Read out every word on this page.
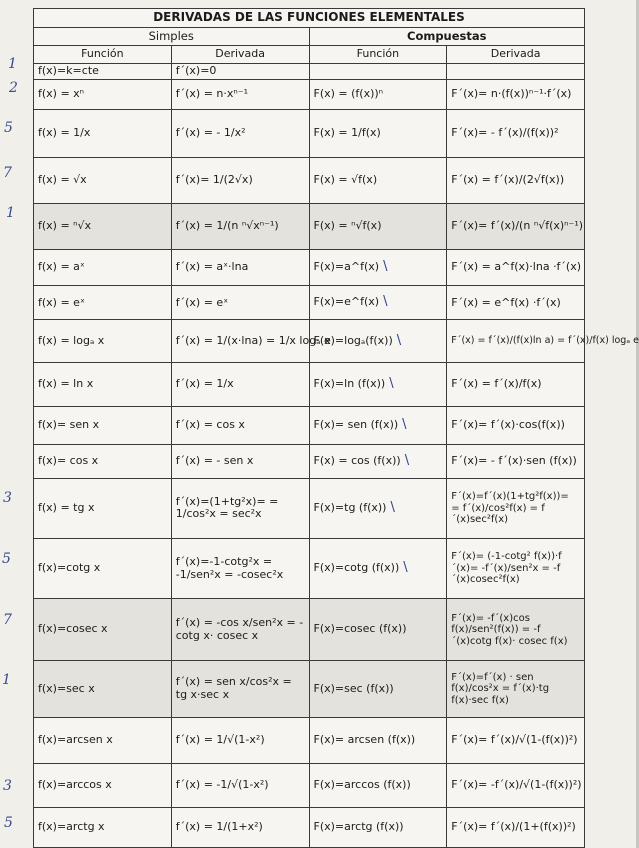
1
2
5
7
1
3
5
7
1
3
5
DERIVADAS DE LAS FUNCIONES ELEMENTALES			
Simples		Compuestas	
Función	Derivada	Función	Derivada
f(x)=k=cte	f´(x)=0		
f(x) = xⁿ	f´(x) = n·xⁿ⁻¹	F(x) = (f(x))ⁿ	F´(x)= n·(f(x))ⁿ⁻¹·f´(x)
f(x) = 1/x	f´(x) = - 1/x²	F(x) = 1/f(x)	F´(x)= - f´(x)/(f(x))²
f(x) = √x	f´(x)= 1/(2√x)	F(x) = √f(x)	F´(x) = f´(x)/(2√f(x))
f(x) = ⁿ√x	f´(x) = 1/(n ⁿ√xⁿ⁻¹)	F(x) = ⁿ√f(x)	F´(x)= f´(x)/(n ⁿ√f(x)ⁿ⁻¹)
f(x) = aˣ	f´(x) = aˣ·lna	F(x)=a^f(x) \	F´(x) = a^f(x)·lna ·f´(x)
f(x) = eˣ	f´(x) = eˣ	F(x)=e^f(x) \	F´(x) = e^f(x) ·f´(x)
f(x) = logₐ x	f´(x) = 1/(x·lna) = 1/x logₐ e	F(x)=logₐ(f(x)) \	F´(x) = f´(x)/(f(x)ln a) = f´(x)/f(x) logₐ e
f(x) = ln x	f´(x) = 1/x	F(x)=ln (f(x)) \	F´(x) = f´(x)/f(x)
f(x)= sen x	f´(x) = cos x	F(x)= sen (f(x)) \	F´(x)= f´(x)·cos(f(x))
f(x)= cos x	f´(x) = - sen x	F(x) = cos (f(x)) \	F´(x)= - f´(x)·sen (f(x))
f(x) = tg x	f´(x)=(1+tg²x)= = 1/cos²x = sec²x	F(x)=tg (f(x)) \	F´(x)=f´(x)(1+tg²f(x))= = f´(x)/cos²f(x) = f´(x)sec²f(x)
f(x)=cotg x	f´(x)=-1-cotg²x = -1/sen²x = -cosec²x	F(x)=cotg (f(x)) \	F´(x)= (-1-cotg² f(x))·f´(x)= -f´(x)/sen²x = -f´(x)cosec²f(x)
f(x)=cosec x	f´(x) = -cos x/sen²x = - cotg x· cosec x	F(x)=cosec (f(x))	F´(x)= -f´(x)cos f(x)/sen²(f(x)) = -f´(x)cotg f(x)· cosec f(x)
f(x)=sec x	f´(x) = sen x/cos²x = tg x·sec x	F(x)=sec (f(x))	F´(x)=f´(x) · sen f(x)/cos²x = f´(x)·tg f(x)·sec f(x)
f(x)=arcsen x	f´(x) = 1/√(1-x²)	F(x)= arcsen (f(x))	F´(x)= f´(x)/√(1-(f(x))²)
f(x)=arccos x	f´(x) = -1/√(1-x²)	F(x)=arccos (f(x))	F´(x)= -f´(x)/√(1-(f(x))²)
f(x)=arctg x	f´(x) = 1/(1+x²)	F(x)=arctg (f(x))	F´(x)= f´(x)/(1+(f(x))²)
